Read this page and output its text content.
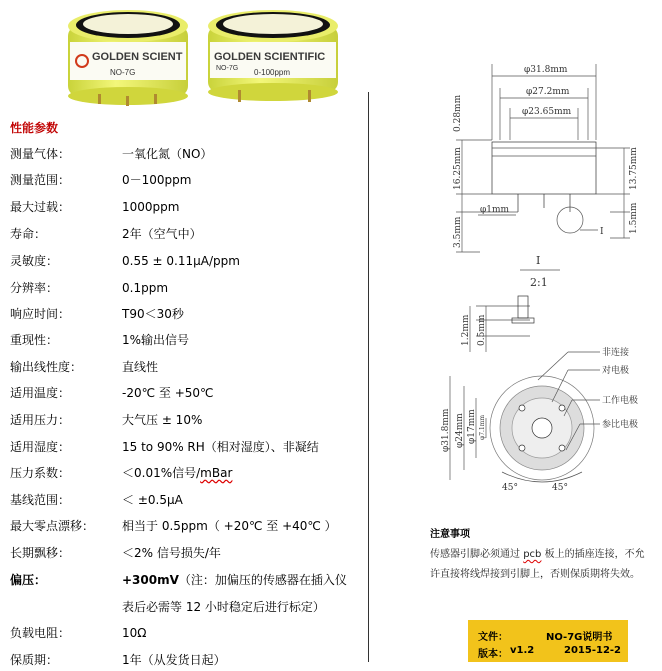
GOLDEN SCIENT
NO-7G
GOLDEN SCIENTIFIC
NO-7G 0-100ppm
性能参数
测量气体：	一氧化氮（NO）
测量范围：	0－100ppm
最大过载：	1000ppm
寿命：	2年（空气中）
灵敏度：	0.55 ± 0.11μA/ppm
分辨率：	0.1ppm
响应时间：	T90＜30秒
重现性：	1%输出信号
输出线性度：	直线性
适用温度：	-20℃ 至 +50℃
适用压力：	大气压 ± 10%
适用湿度：	15 to 90% RH（相对湿度）、非凝结
压力系数：	＜0.01%信号/mBar
基线范围：	＜ ±0.5μA
最大零点漂移： 相当于 0.5ppm（ +20℃ 至 +40℃ ）
长期飘移：	＜2% 信号损失/年
偏压：	+300mV（注：加偏压的传感器在插入仪
表后必需等 12 小时稳定后进行标定）
负载电阻：	10Ω
保质期：	1年（从发货日起）
φ31.8mm
φ27.2mm
φ23.65mm
0.28mm
16.25mm	13.75mm
3.5mm	1.5mm
φ1mm
I
I
2:1
1.2mm 0.5mm
φ31.8mm φ24mm φ17mm φ7.1mm
45°	45°
非连接
对电极
工作电极
参比电极
注意事项
传感器引脚必须通过 pcb 板上的插座连接，不允
许直接将线焊接到引脚上，否则保质期将失效。
文件：	NO-7G说明书
版本： v1.2	2015-12-2
